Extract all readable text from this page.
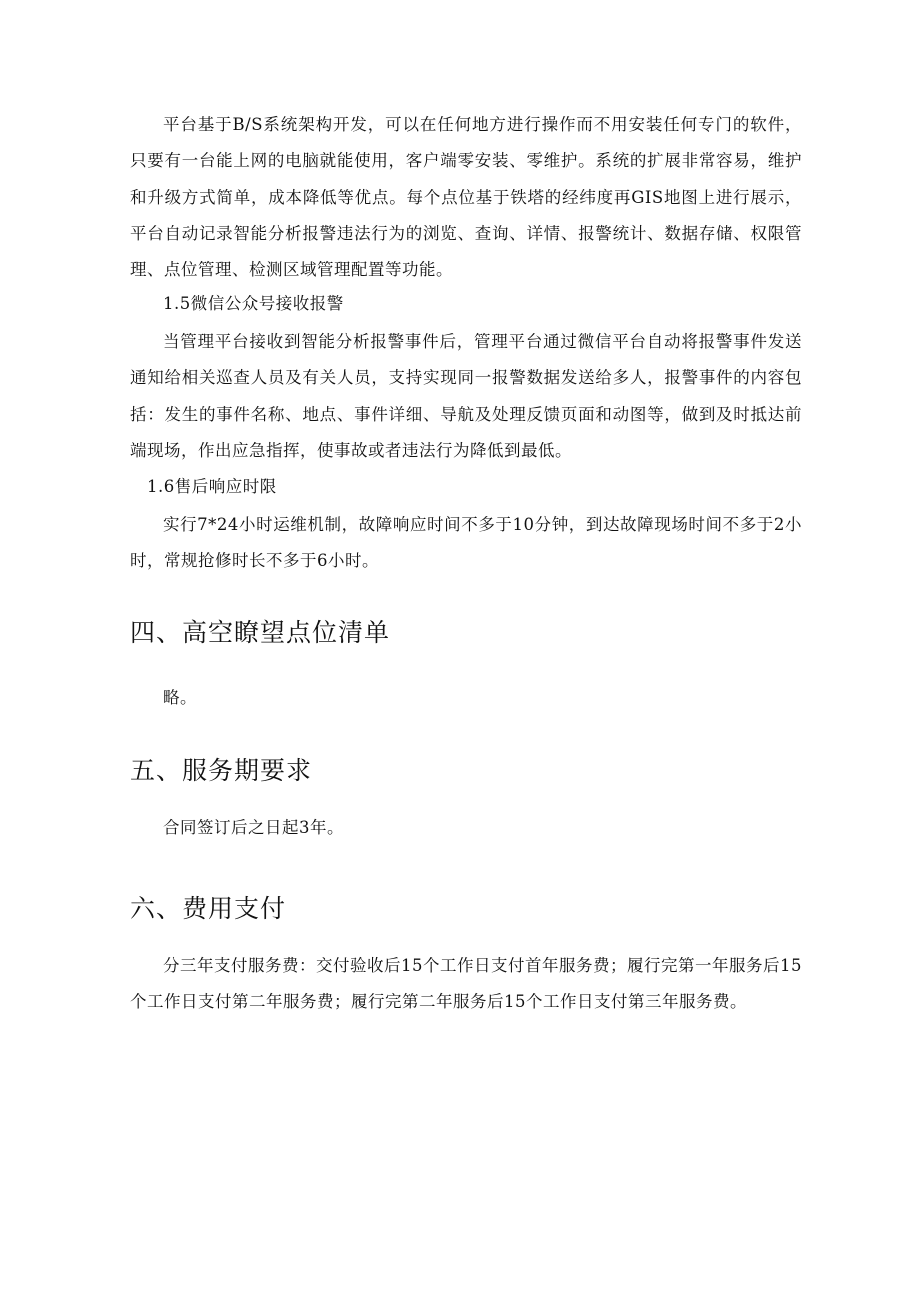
平台基于B/S系统架构开发，可以在任何地方进行操作而不用安装任何专门的软件，只要有一台能上网的电脑就能使用，客户端零安装、零维护。系统的扩展非常容易，维护和升级方式简单，成本降低等优点。每个点位基于铁塔的经纬度再GIS地图上进行展示，平台自动记录智能分析报警违法行为的浏览、查询、详情、报警统计、数据存储、权限管理、点位管理、检测区域管理配置等功能。

1.5微信公众号接收报警

当管理平台接收到智能分析报警事件后，管理平台通过微信平台自动将报警事件发送通知给相关巡查人员及有关人员，支持实现同一报警数据发送给多人，报警事件的内容包括：发生的事件名称、地点、事件详细、导航及处理反馈页面和动图等，做到及时抵达前端现场，作出应急指挥，使事故或者违法行为降低到最低。

1.6售后响应时限

实行7*24小时运维机制，故障响应时间不多于10分钟，到达故障现场时间不多于2小时，常规抢修时长不多于6小时。

四、高空瞭望点位清单

略。

五、服务期要求

合同签订后之日起3年。

六、费用支付

分三年支付服务费：交付验收后15个工作日支付首年服务费；履行完第一年服务后15个工作日支付第二年服务费；履行完第二年服务后15个工作日支付第三年服务费。
